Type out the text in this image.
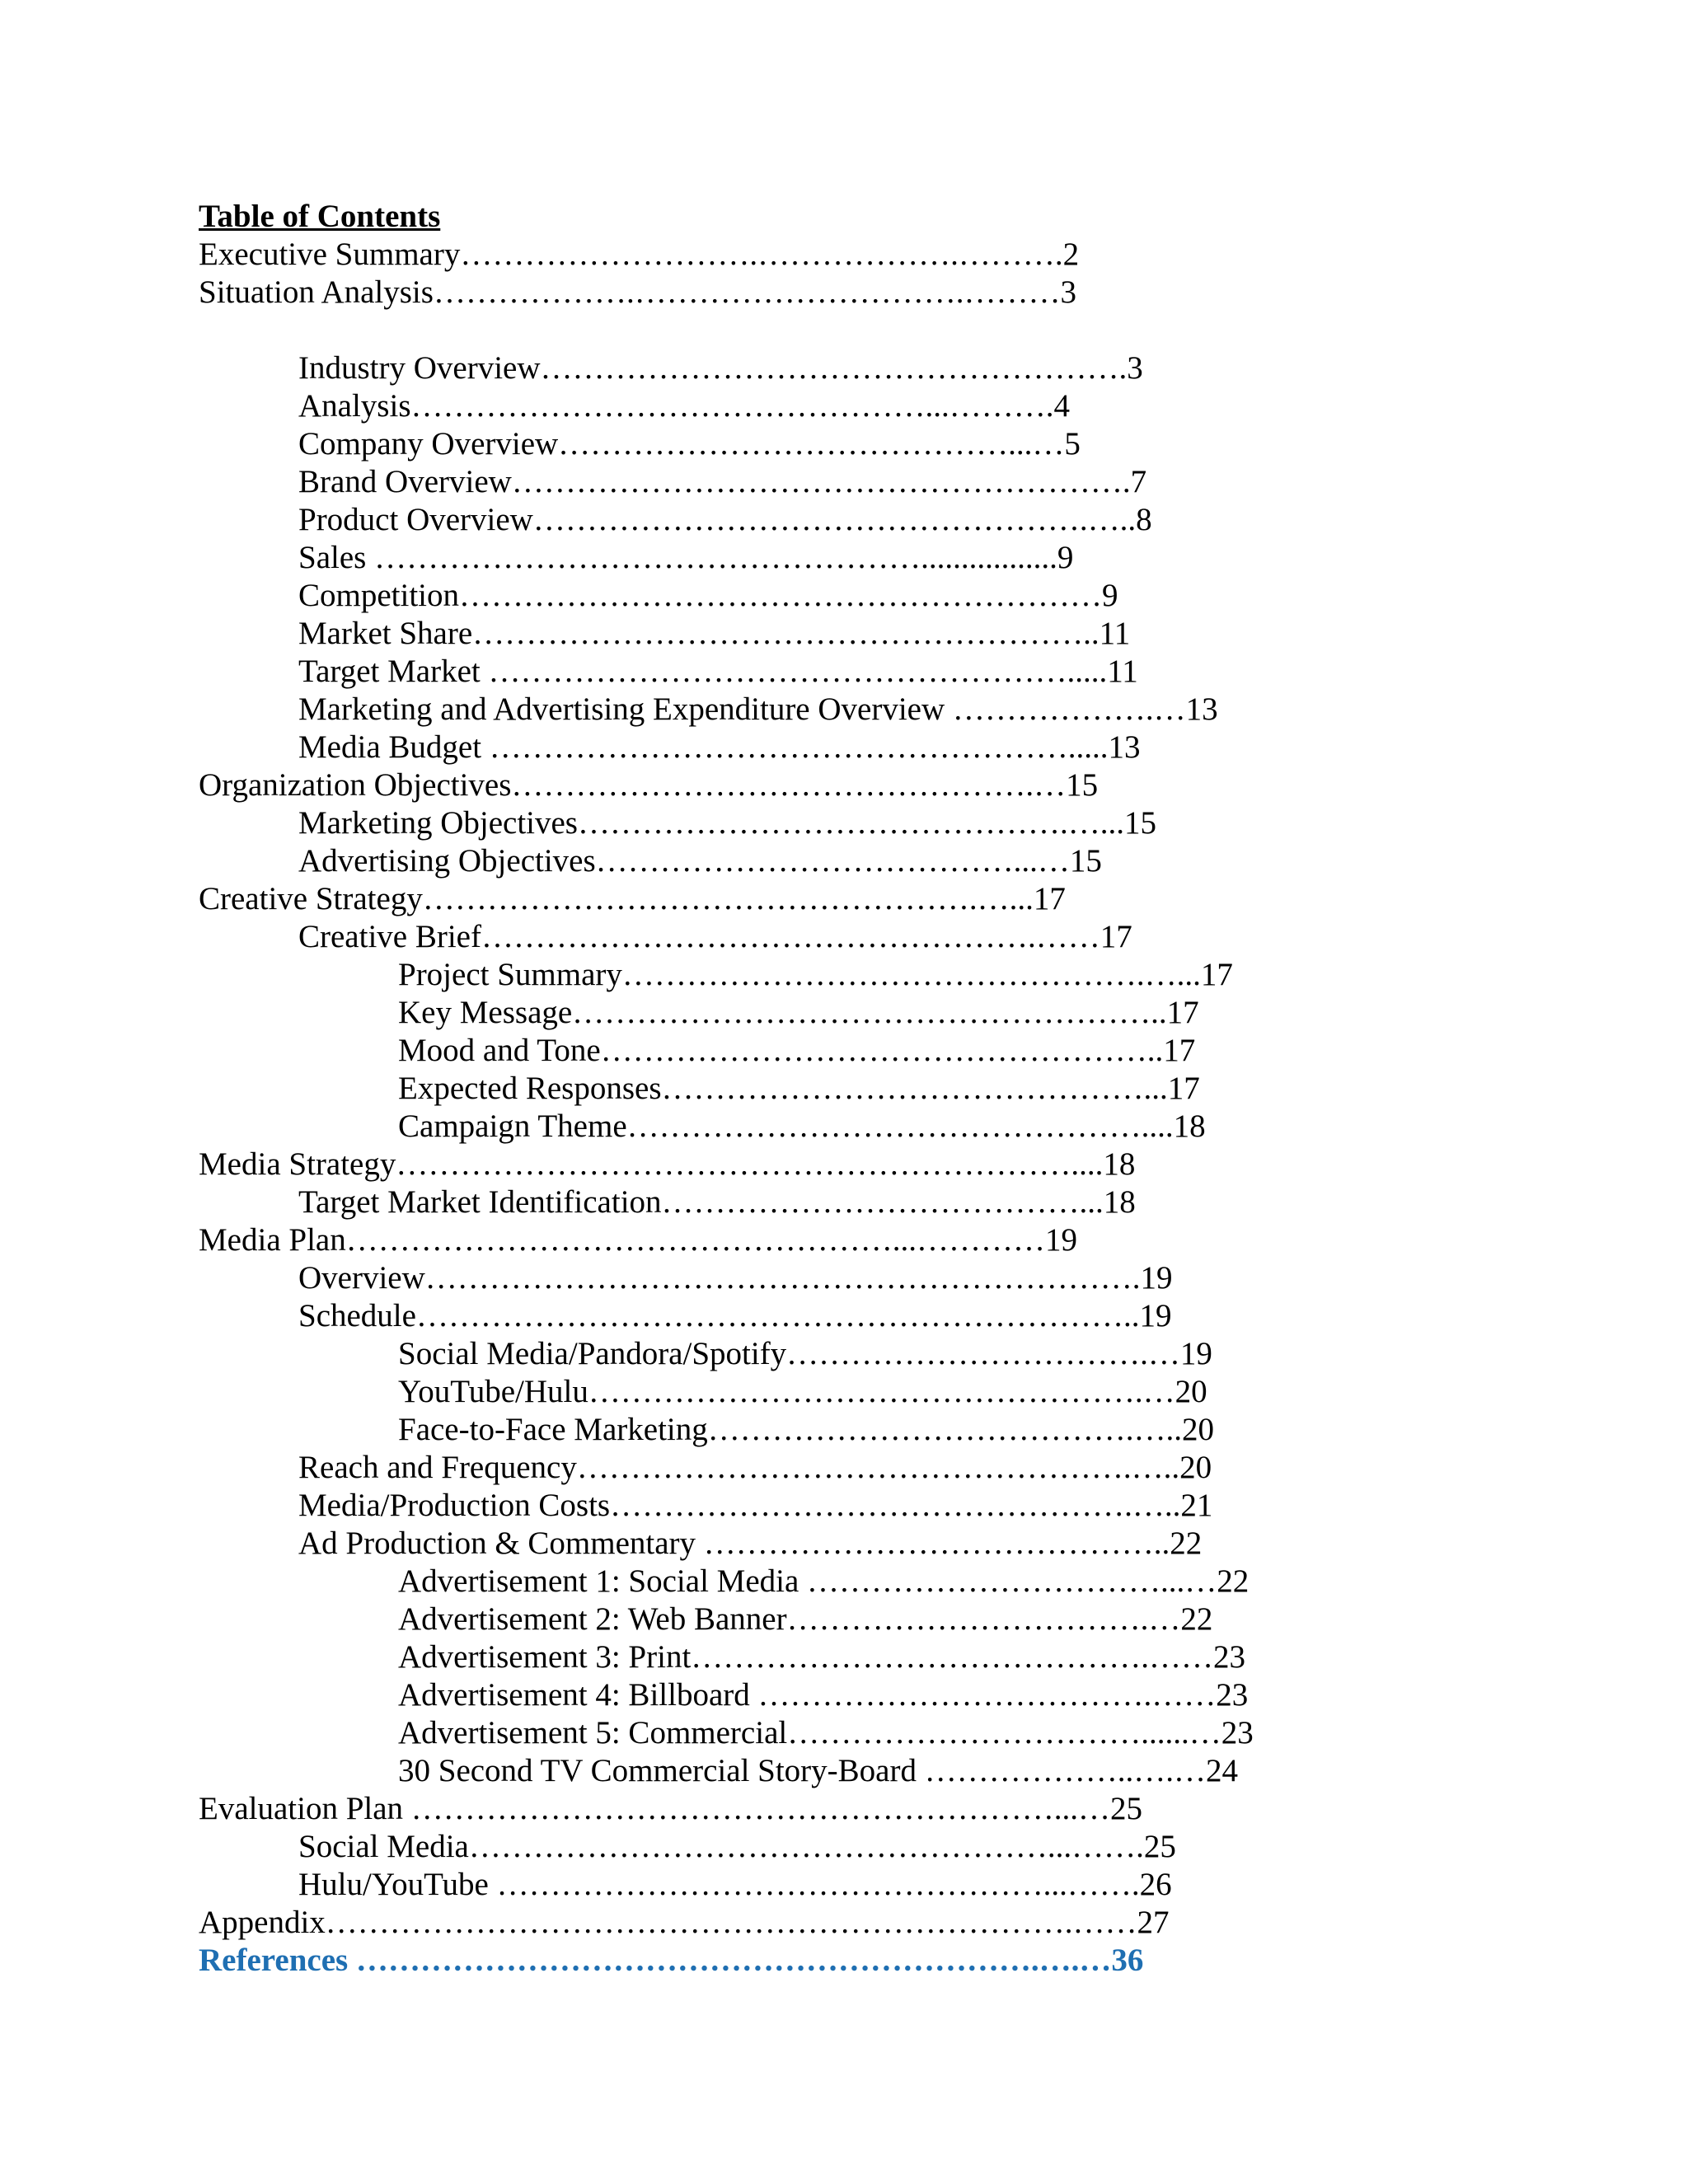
Table of Contents
Executive Summary……………………….……………….……….2
Situation Analysis……………….………………………….………3
Industry Overview……………………………………………….3
Analysis…………………………………………...……….4
Company Overview……………………………………...…5
Brand Overview………………………………………………….7
Product Overview…………………………………………….…..8
Sales …………………………………………….................9
Competition……………………………………………………9
Market Share…………………………………………………..11
Target Market ……………………………………………….....11
Marketing and Advertising Expenditure Overview ……………….…13
Media Budget ……………………………………………….....13
Organization Objectives………………………………………….…15
Marketing Objectives……………………………………….…...15
Advertising Objectives…………………………………...…15
Creative Strategy…………………………………………….…...17
Creative Brief…………………………………………….……17
Project Summary………………………………………….…...17
Key Message………………………………………………..17
Mood and Tone……………………………………………..17
Expected Responses………………………………………...17
Campaign Theme…………………………………………....18
Media Strategy………………………………………………………....18
Target Market Identification…………………………………...18
Media Plan……………………………………………...…………19
Overview………………………………………………………….19
Schedule…………………………………………………………..19
Social Media/Pandora/Spotify…………………………….…19
YouTube/Hulu…………………………………………….…20
Face-to-Face Marketing………………………………….…..20
Reach and Frequency…………………………………………….…..20
Media/Production Costs………………………………………….…..21
Ad Production & Commentary ……………………………………..22
Advertisement 1: Social Media ……………………………...…22
Advertisement 2: Web Banner…………………………….…22
Advertisement 3: Print…………………………………….……23
Advertisement 4: Billboard ……………………………….……23
Advertisement 5: Commercial……………………………......…23
30 Second TV Commercial Story-Board ………………..….…24
Evaluation Plan ……………………………………………………...…25
Social Media………………………………………………...…….25
Hulu/YouTube ……………………………………………...…….26
Appendix…………………………………………………………….……27
References ……………………………………………………….….…36
